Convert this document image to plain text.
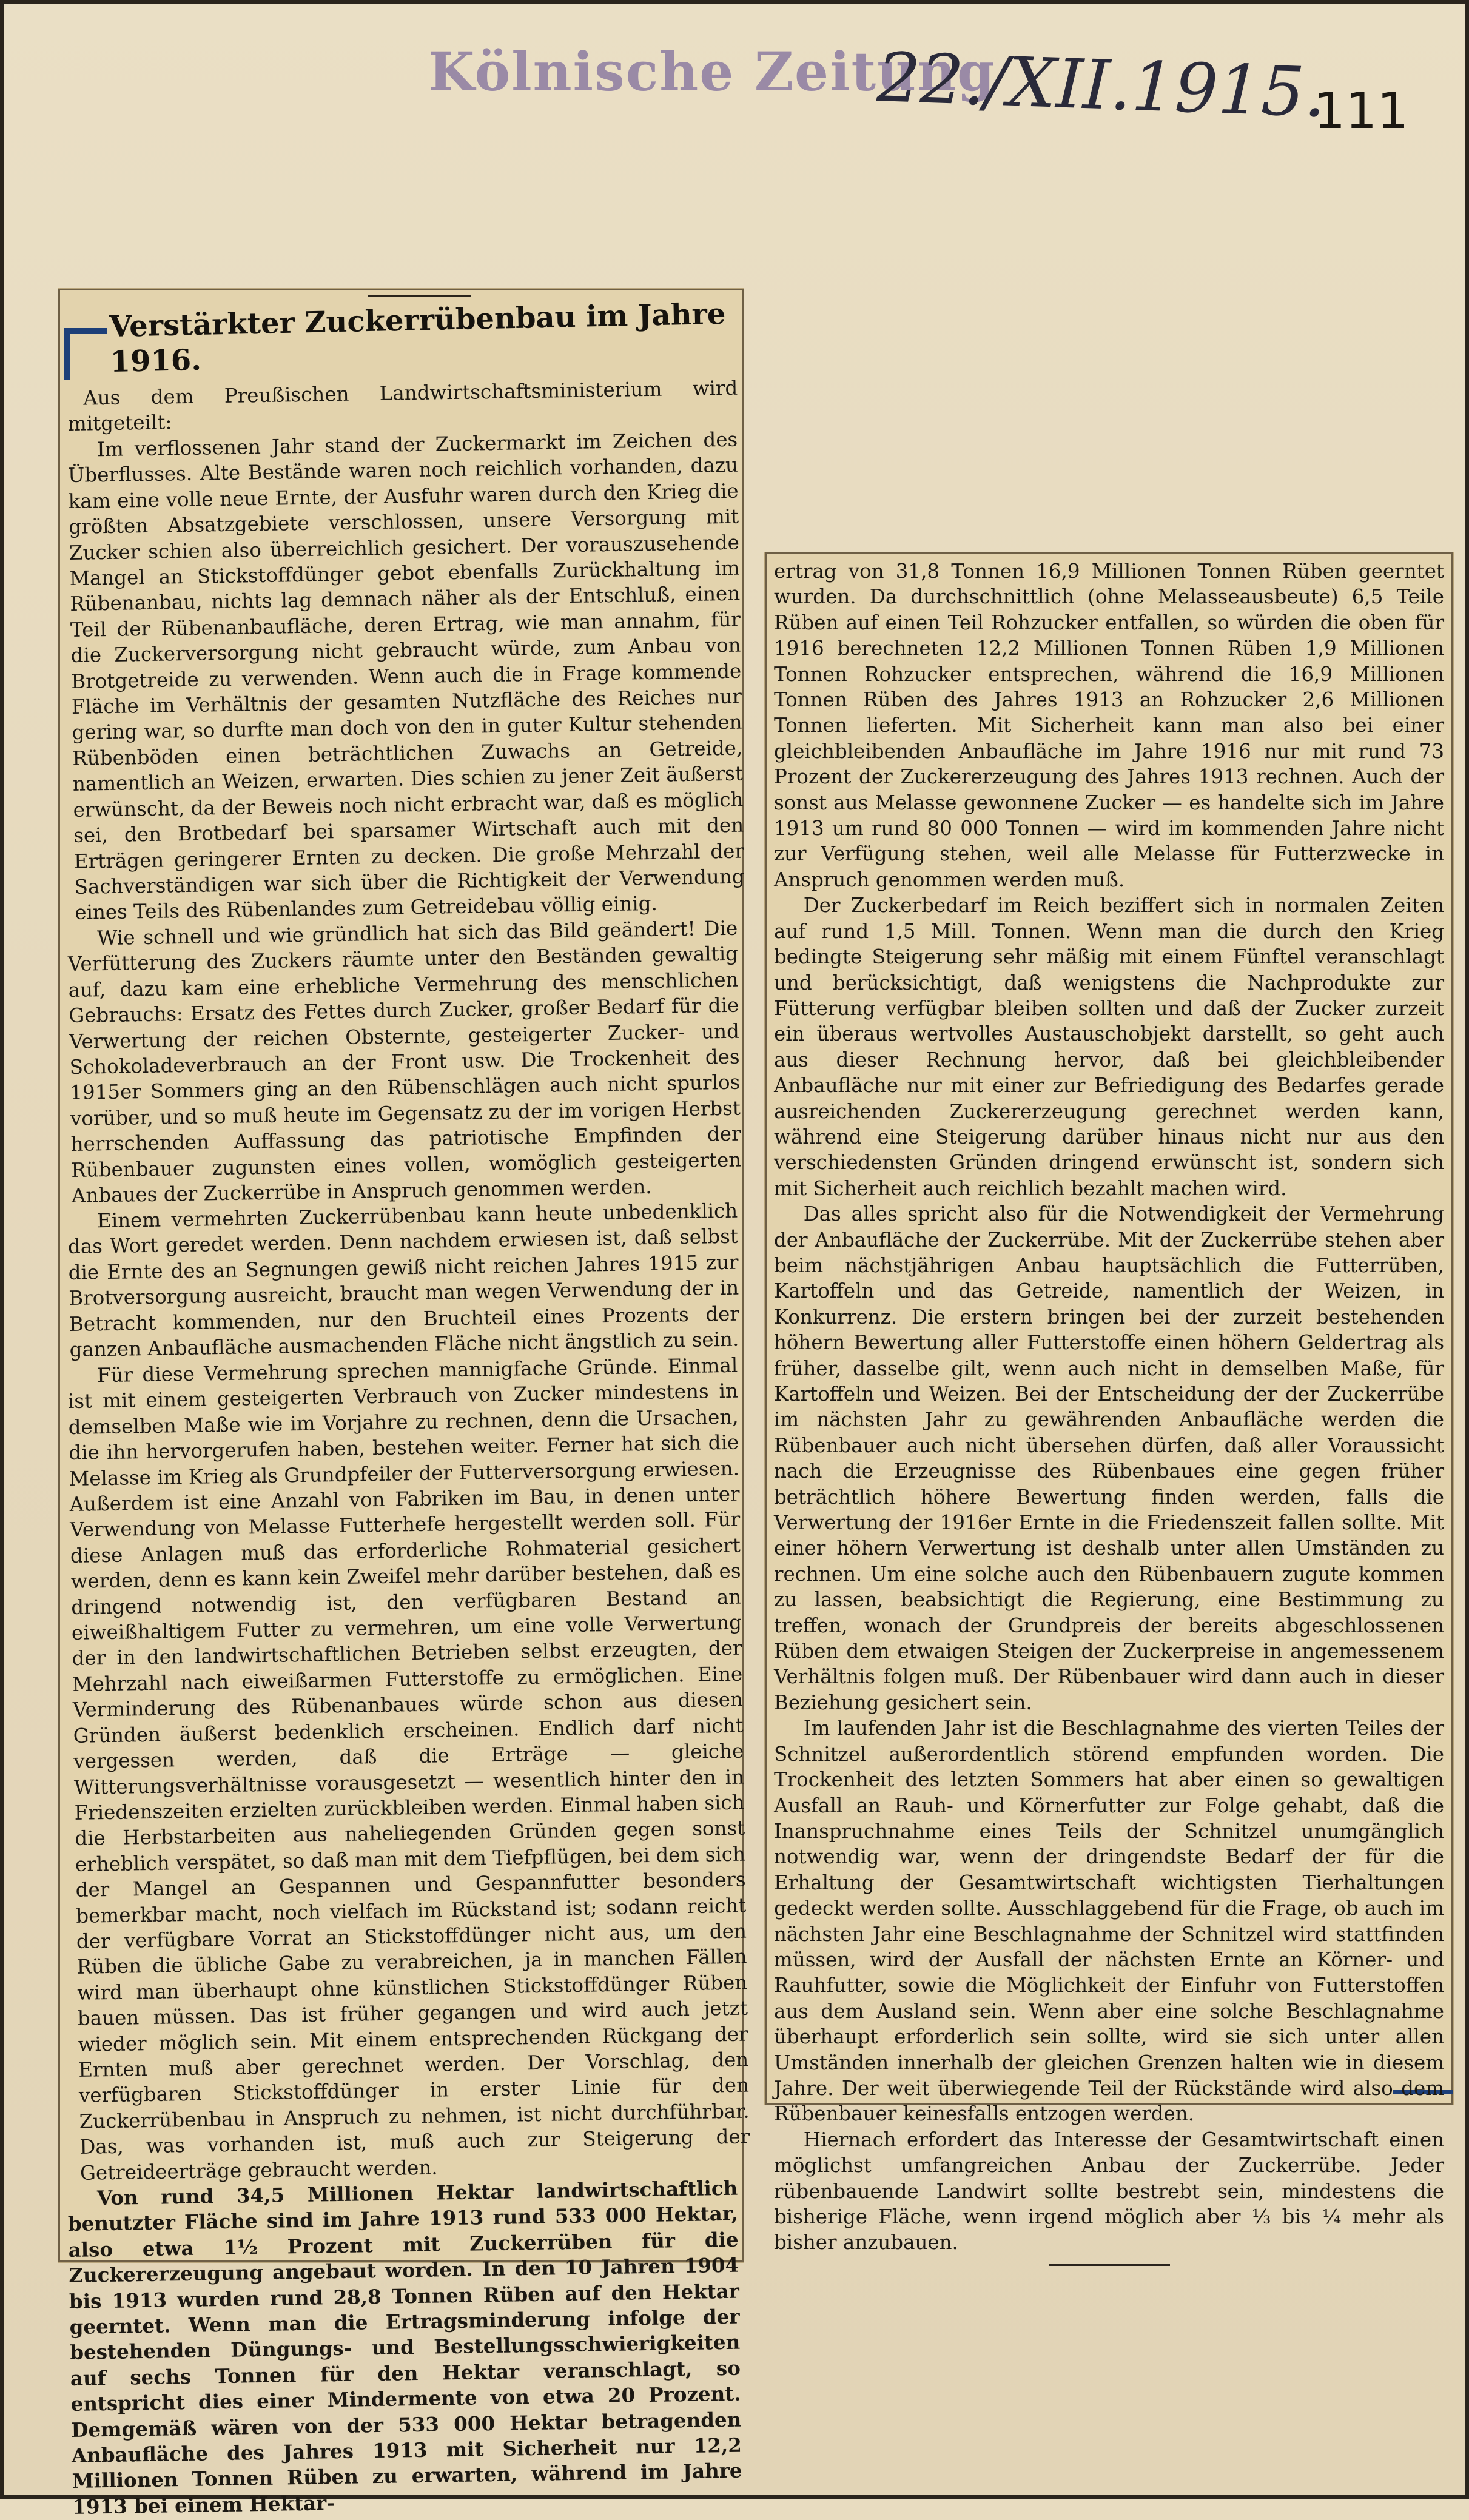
Kölnische Zeitung
22./XII.1915.
111
Verstärkter Zuckerrübenbau im Jahre 1916.

Aus dem Preußischen Landwirtschaftsministerium wird mitgeteilt:

Im verflossenen Jahr stand der Zuckermarkt im Zeichen des Überflusses. Alte Bestände waren noch reichlich vorhanden, dazu kam eine volle neue Ernte, der Ausfuhr waren durch den Krieg die größten Absatzgebiete verschlossen, unsere Versorgung mit Zucker schien also überreichlich gesichert. Der vorauszusehende Mangel an Stickstoffdünger gebot ebenfalls Zurückhaltung im Rübenanbau, nichts lag demnach näher als der Entschluß, einen Teil der Rübenanbaufläche, deren Ertrag, wie man annahm, für die Zuckerversorgung nicht gebraucht würde, zum Anbau von Brotgetreide zu verwenden. Wenn auch die in Frage kommende Fläche im Verhältnis der gesamten Nutzfläche des Reiches nur gering war, so durfte man doch von den in guter Kultur stehenden Rübenböden einen beträchtlichen Zuwachs an Getreide, namentlich an Weizen, erwarten. Dies schien zu jener Zeit äußerst erwünscht, da der Beweis noch nicht erbracht war, daß es möglich sei, den Brotbedarf bei sparsamer Wirtschaft auch mit den Erträgen geringerer Ernten zu decken. Die große Mehrzahl der Sachverständigen war sich über die Richtigkeit der Verwendung eines Teils des Rübenlandes zum Getreidebau völlig einig.

Wie schnell und wie gründlich hat sich das Bild geändert! Die Verfütterung des Zuckers räumte unter den Beständen gewaltig auf, dazu kam eine erhebliche Vermehrung des menschlichen Gebrauchs: Ersatz des Fettes durch Zucker, großer Bedarf für die Verwertung der reichen Obsternte, gesteigerter Zucker- und Schokoladeverbrauch an der Front usw. Die Trockenheit des 1915er Sommers ging an den Rübenschlägen auch nicht spurlos vorüber, und so muß heute im Gegensatz zu der im vorigen Herbst herrschenden Auffassung das patriotische Empfinden der Rübenbauer zugunsten eines vollen, womöglich gesteigerten Anbaues der Zuckerrübe in Anspruch genommen werden.

Einem vermehrten Zuckerrübenbau kann heute unbedenklich das Wort geredet werden. Denn nachdem erwiesen ist, daß selbst die Ernte des an Segnungen gewiß nicht reichen Jahres 1915 zur Brotversorgung ausreicht, braucht man wegen Verwendung der in Betracht kommenden, nur den Bruchteil eines Prozents der ganzen Anbaufläche ausmachenden Fläche nicht ängstlich zu sein.

Für diese Vermehrung sprechen mannigfache Gründe. Einmal ist mit einem gesteigerten Verbrauch von Zucker mindestens in demselben Maße wie im Vorjahre zu rechnen, denn die Ursachen, die ihn hervorgerufen haben, bestehen weiter. Ferner hat sich die Melasse im Krieg als Grundpfeiler der Futterversorgung erwiesen. Außerdem ist eine Anzahl von Fabriken im Bau, in denen unter Verwendung von Melasse Futterhefe hergestellt werden soll. Für diese Anlagen muß das erforderliche Rohmaterial gesichert werden, denn es kann kein Zweifel mehr darüber bestehen, daß es dringend notwendig ist, den verfügbaren Bestand an eiweißhaltigem Futter zu vermehren, um eine volle Verwertung der in den landwirtschaftlichen Betrieben selbst erzeugten, der Mehrzahl nach eiweißarmen Futterstoffe zu ermöglichen. Eine Verminderung des Rübenanbaues würde schon aus diesen Gründen äußerst bedenklich erscheinen. Endlich darf nicht vergessen werden, daß die Erträge — gleiche Witterungsverhältnisse vorausgesetzt — wesentlich hinter den in Friedenszeiten erzielten zurückbleiben werden. Einmal haben sich die Herbstarbeiten aus naheliegenden Gründen gegen sonst erheblich verspätet, so daß man mit dem Tiefpflügen, bei dem sich der Mangel an Gespannen und Gespannfutter besonders bemerkbar macht, noch vielfach im Rückstand ist; sodann reicht der verfügbare Vorrat an Stickstoffdünger nicht aus, um den Rüben die übliche Gabe zu verabreichen, ja in manchen Fällen wird man überhaupt ohne künstlichen Stickstoffdünger Rüben bauen müssen. Das ist früher gegangen und wird auch jetzt wieder möglich sein. Mit einem entsprechenden Rückgang der Ernten muß aber gerechnet werden. Der Vorschlag, den verfügbaren Stickstoffdünger in erster Linie für den Zuckerrübenbau in Anspruch zu nehmen, ist nicht durchführbar. Das, was vorhanden ist, muß auch zur Steigerung der Getreideerträge gebraucht werden.

Von rund 34,5 Millionen Hektar landwirtschaftlich benutzter Fläche sind im Jahre 1913 rund 533 000 Hektar, also etwa 1½ Prozent mit Zuckerrüben für die Zuckererzeugung angebaut worden. In den 10 Jahren 1904 bis 1913 wurden rund 28,8 Tonnen Rüben auf den Hektar geerntet. Wenn man die Ertragsminderung infolge der bestehenden Düngungs- und Bestellungsschwierigkeiten auf sechs Tonnen für den Hektar veranschlagt, so entspricht dies einer Mindermente von etwa 20 Prozent. Demgemäß wären von der 533 000 Hektar betragenden Anbaufläche des Jahres 1913 mit Sicherheit nur 12,2 Millionen Tonnen Rüben zu erwarten, während im Jahre 1913 bei einem Hektar-

ertrag von 31,8 Tonnen 16,9 Millionen Tonnen Rüben geerntet wurden. Da durchschnittlich (ohne Melasseausbeute) 6,5 Teile Rüben auf einen Teil Rohzucker entfallen, so würden die oben für 1916 berechneten 12,2 Millionen Tonnen Rüben 1,9 Millionen Tonnen Rohzucker entsprechen, während die 16,9 Millionen Tonnen Rüben des Jahres 1913 an Rohzucker 2,6 Millionen Tonnen lieferten. Mit Sicherheit kann man also bei einer gleichbleibenden Anbaufläche im Jahre 1916 nur mit rund 73 Prozent der Zuckererzeugung des Jahres 1913 rechnen. Auch der sonst aus Melasse gewonnene Zucker — es handelte sich im Jahre 1913 um rund 80 000 Tonnen — wird im kommenden Jahre nicht zur Verfügung stehen, weil alle Melasse für Futterzwecke in Anspruch genommen werden muß.

Der Zuckerbedarf im Reich beziffert sich in normalen Zeiten auf rund 1,5 Mill. Tonnen. Wenn man die durch den Krieg bedingte Steigerung sehr mäßig mit einem Fünftel veranschlagt und berücksichtigt, daß wenigstens die Nachprodukte zur Fütterung verfügbar bleiben sollten und daß der Zucker zurzeit ein überaus wertvolles Austauschobjekt darstellt, so geht auch aus dieser Rechnung hervor, daß bei gleichbleibender Anbaufläche nur mit einer zur Befriedigung des Bedarfes gerade ausreichenden Zuckererzeugung gerechnet werden kann, während eine Steigerung darüber hinaus nicht nur aus den verschiedensten Gründen dringend erwünscht ist, sondern sich mit Sicherheit auch reichlich bezahlt machen wird.

Das alles spricht also für die Notwendigkeit der Vermehrung der Anbaufläche der Zuckerrübe. Mit der Zuckerrübe stehen aber beim nächstjährigen Anbau hauptsächlich die Futterrüben, Kartoffeln und das Getreide, namentlich der Weizen, in Konkurrenz. Die erstern bringen bei der zurzeit bestehenden höhern Bewertung aller Futterstoffe einen höhern Geldertrag als früher, dasselbe gilt, wenn auch nicht in demselben Maße, für Kartoffeln und Weizen. Bei der Entscheidung der der Zuckerrübe im nächsten Jahr zu gewährenden Anbaufläche werden die Rübenbauer auch nicht übersehen dürfen, daß aller Voraussicht nach die Erzeugnisse des Rübenbaues eine gegen früher beträchtlich höhere Bewertung finden werden, falls die Verwertung der 1916er Ernte in die Friedenszeit fallen sollte. Mit einer höhern Verwertung ist deshalb unter allen Umständen zu rechnen. Um eine solche auch den Rübenbauern zugute kommen zu lassen, beabsichtigt die Regierung, eine Bestimmung zu treffen, wonach der Grundpreis der bereits abgeschlossenen Rüben dem etwaigen Steigen der Zuckerpreise in angemessenem Verhältnis folgen muß. Der Rübenbauer wird dann auch in dieser Beziehung gesichert sein.

Im laufenden Jahr ist die Beschlagnahme des vierten Teiles der Schnitzel außerordentlich störend empfunden worden. Die Trockenheit des letzten Sommers hat aber einen so gewaltigen Ausfall an Rauh- und Körnerfutter zur Folge gehabt, daß die Inanspruchnahme eines Teils der Schnitzel unumgänglich notwendig war, wenn der dringendste Bedarf der für die Erhaltung der Gesamtwirtschaft wichtigsten Tierhaltungen gedeckt werden sollte. Ausschlaggebend für die Frage, ob auch im nächsten Jahr eine Beschlagnahme der Schnitzel wird stattfinden müssen, wird der Ausfall der nächsten Ernte an Körner- und Rauhfutter, sowie die Möglichkeit der Einfuhr von Futterstoffen aus dem Ausland sein. Wenn aber eine solche Beschlagnahme überhaupt erforderlich sein sollte, wird sie sich unter allen Umständen innerhalb der gleichen Grenzen halten wie in diesem Jahre. Der weit überwiegende Teil der Rückstände wird also dem Rübenbauer keinesfalls entzogen werden.

Hiernach erfordert das Interesse der Gesamtwirtschaft einen möglichst umfangreichen Anbau der Zuckerrübe. Jeder rübenbauende Landwirt sollte bestrebt sein, mindestens die bisherige Fläche, wenn irgend möglich aber ⅓ bis ¼ mehr als bisher anzubauen.
